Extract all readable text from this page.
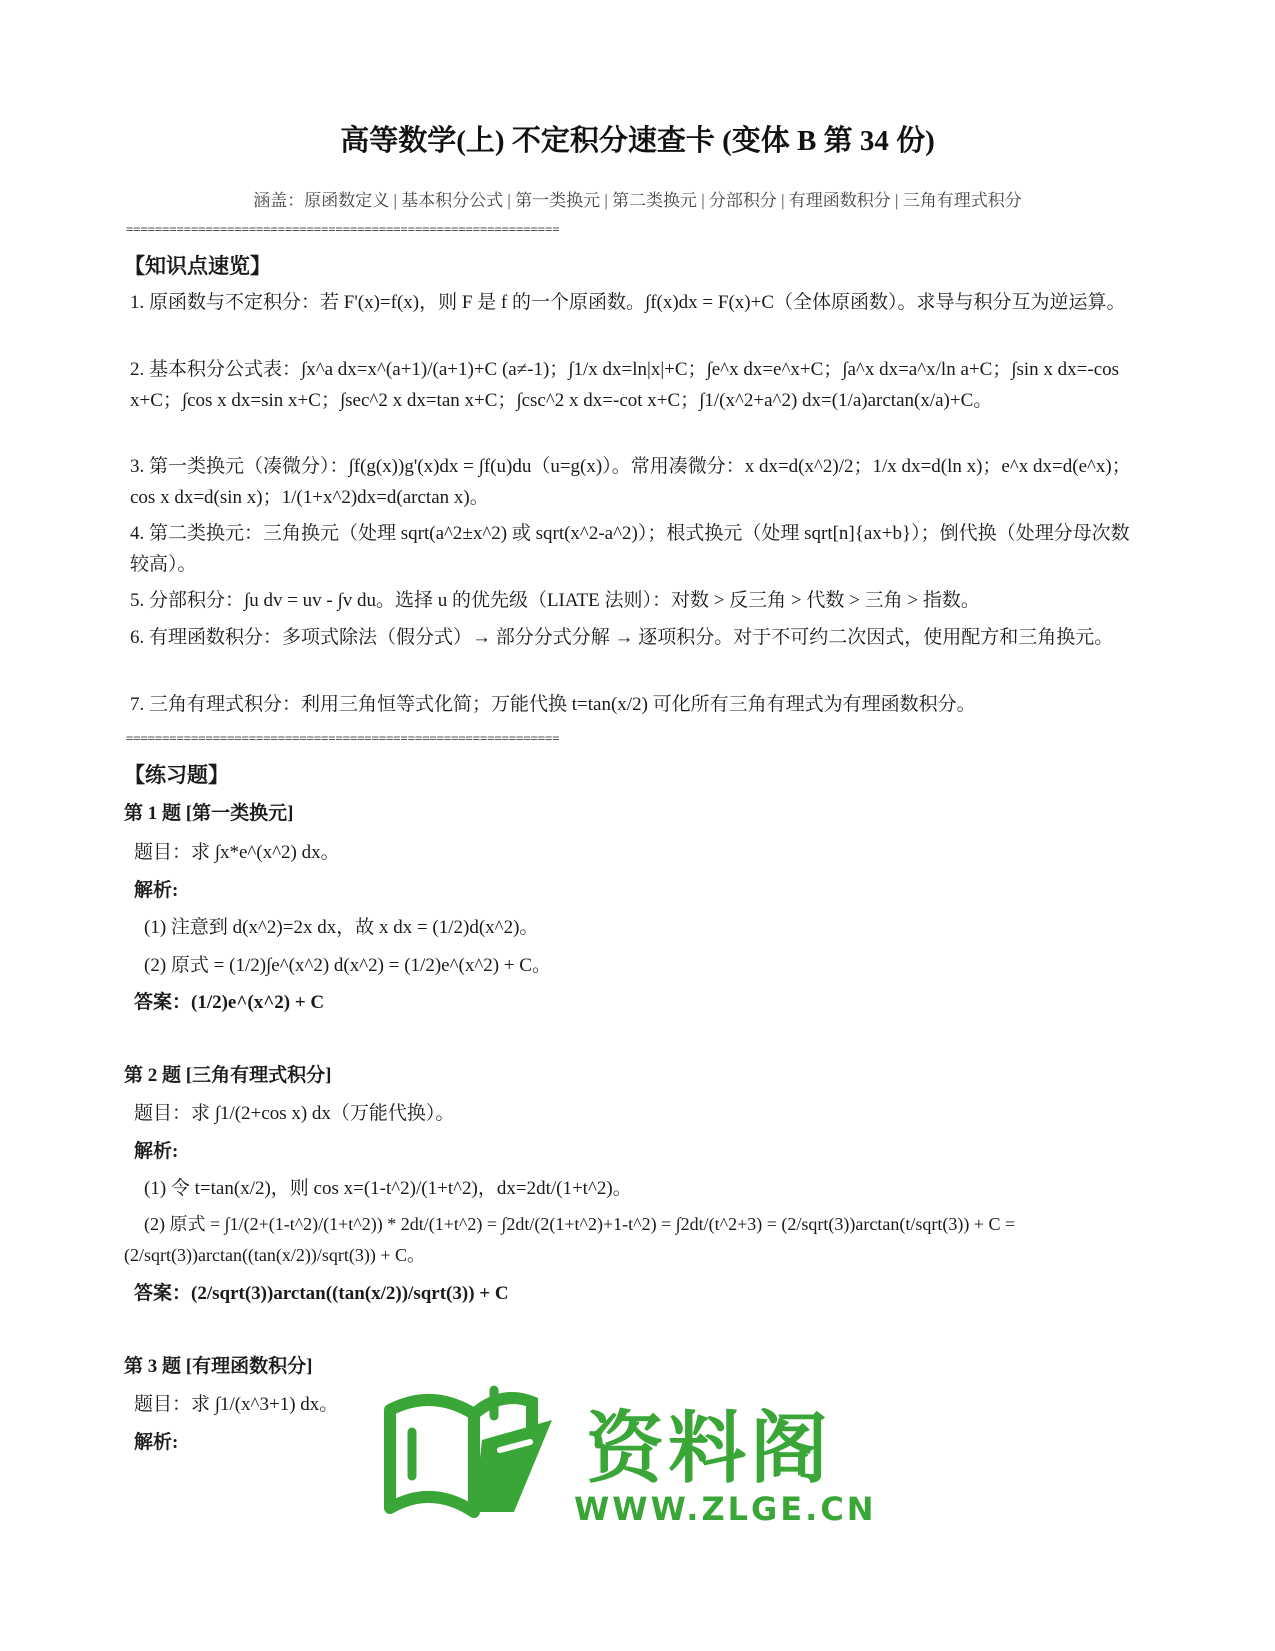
高等数学(上) 不定积分速查卡 (变体 B 第 34 份)
涵盖：原函数定义 | 基本积分公式 | 第一类换元 | 第二类换元 | 分部积分 | 有理函数积分 | 三角有理式积分
============================================================
【知识点速览】
1. 原函数与不定积分：若 F'(x)=f(x)，则 F 是 f 的一个原函数。∫f(x)dx = F(x)+C（全体原函数）。求导与积分互为逆运算。
2. 基本积分公式表：∫x^a dx=x^(a+1)/(a+1)+C (a≠-1)；∫1/x dx=ln|x|+C；∫e^x dx=e^x+C；∫a^x dx=a^x/ln a+C；∫sin x dx=-cos x+C；∫cos x dx=sin x+C；∫sec^2 x dx=tan x+C；∫csc^2 x dx=-cot x+C；∫1/(x^2+a^2) dx=(1/a)arctan(x/a)+C。
3. 第一类换元（凑微分）：∫f(g(x))g'(x)dx = ∫f(u)du（u=g(x)）。常用凑微分：x dx=d(x^2)/2；1/x dx=d(ln x)；e^x dx=d(e^x)；cos x dx=d(sin x)；1/(1+x^2)dx=d(arctan x)。
4. 第二类换元：三角换元（处理 sqrt(a^2±x^2) 或 sqrt(x^2-a^2)）；根式换元（处理 sqrt[n]{ax+b}）；倒代换（处理分母次数较高）。
5. 分部积分：∫u dv = uv - ∫v du。选择 u 的优先级（LIATE 法则）：对数 > 反三角 > 代数 > 三角 > 指数。
6. 有理函数积分：多项式除法（假分式）→ 部分分式分解 → 逐项积分。对于不可约二次因式，使用配方和三角换元。
7. 三角有理式积分：利用三角恒等式化简；万能代换 t=tan(x/2) 可化所有三角有理式为有理函数积分。
============================================================
【练习题】
第 1 题 [第一类换元]
题目：求 ∫x*e^(x^2) dx。
解析:
(1) 注意到 d(x^2)=2x dx，故 x dx = (1/2)d(x^2)。
(2) 原式 = (1/2)∫e^(x^2) d(x^2) = (1/2)e^(x^2) + C。
答案：(1/2)e^(x^2) + C
第 2 题 [三角有理式积分]
题目：求 ∫1/(2+cos x) dx（万能代换）。
解析:
(1) 令 t=tan(x/2)，则 cos x=(1-t^2)/(1+t^2)，dx=2dt/(1+t^2)。
(2) 原式 = ∫1/(2+(1-t^2)/(1+t^2)) * 2dt/(1+t^2) = ∫2dt/(2(1+t^2)+1-t^2) = ∫2dt/(t^2+3) = (2/sqrt(3))arctan(t/sqrt(3)) + C = (2/sqrt(3))arctan((tan(x/2))/sqrt(3)) + C。
答案：(2/sqrt(3))arctan((tan(x/2))/sqrt(3)) + C
第 3 题 [有理函数积分]
题目：求 ∫1/(x^3+1) dx。
解析:	资料阁
WWW.ZLGE.CN
